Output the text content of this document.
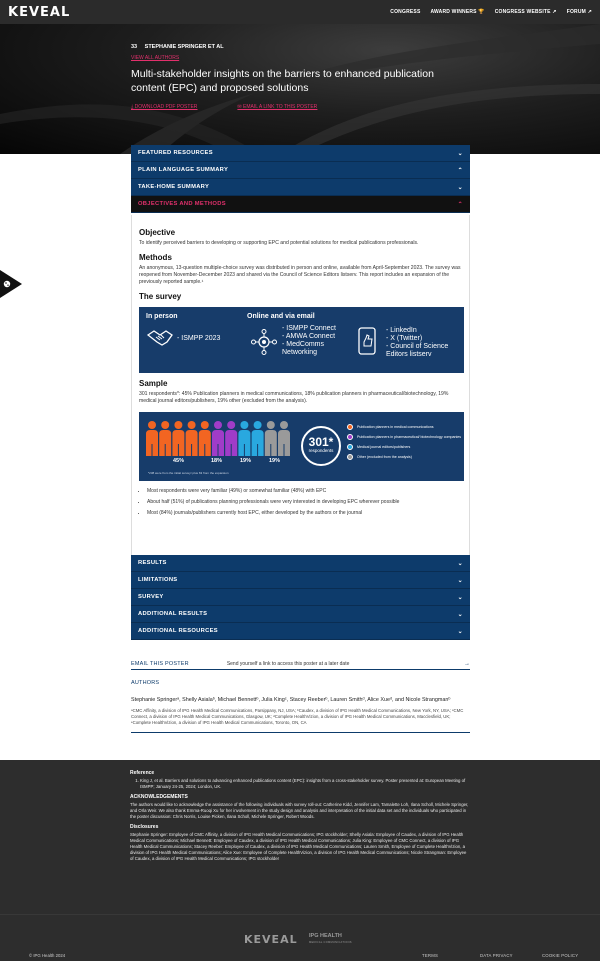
KEVEAL	CONGRESS AWARD WINNERS 🏆 CONGRESS WEBSITE ↗ FORUM ↗
33 STEPHANIE SPRINGER ET AL
VIEW ALL AUTHORS
Multi-stakeholder insights on the barriers to enhanced publication content (EPC) and proposed solutions
⤓ DOWNLOAD PDF POSTER	✉ EMAIL A LINK TO THIS POSTER
FEATURED RESOURCES	⌄
PLAIN LANGUAGE SUMMARY	⌃
TAKE-HOME SUMMARY	⌄
OBJECTIVES AND METHODS	⌃
Objective

To identify perceived barriers to developing or supporting EPC and potential solutions for medical publications professionals.

Methods

An anonymous, 13-question multiple-choice survey was distributed in person and online, available from April-September 2023. The survey was reopened from November-December 2023 and shared via the Council of Science Editors listserv. This report includes an expansion of the previously reported sample.¹

The survey
In person
- ISMPP 2023
Online and via email
- ISMPP Connect
- AMWA Connect
- MedComms
Networking
- LinkedIn
- X (Twitter)
- Council of Science
Editors listserv
Sample

301 respondents*: 45% Publication planners in medical communications, 18% publication planners in pharmaceutical/biotechnology, 19% medical journal editors/publishers, 19% other (excluded from the analysis).

45%	18%	19%	19%
*238 were from the initial survey¹ plus 63 from the expansion
301*
respondents
Publication planners in medical communications
Publication planners in pharmaceutical/ biotechnology companies
Medical journal editors/publishers
Other (excluded from the analysis)
• Most respondents were very familiar (49%) or somewhat familiar (48%) with EPC
• About half (51%) of publications planning professionals were very interested in developing EPC wherever possible
• Most (84%) journals/publishers currently host EPC, either developed by the authors or the journal
RESULTS	⌄
LIMITATIONS	⌄
SURVEY	⌄
ADDITIONAL RESULTS	⌄
ADDITIONAL RESOURCES	⌄
EMAIL THIS POSTER	Send yourself a link to access this poster at a later date	→
AUTHORS
Stephanie Springerᵃ, Shelly Asialaᵇ, Michael Bennettᵇ, Julia Kingᶜ, Stacey Reeberᵇ, Lauren Smithᵈ, Alice Xueᵈ, and Nicole Strangmanᵇ
ᵃCMC Affinity, a division of IPG Health Medical Communications, Parsippany, NJ, USA; ᵇCaudex, a division of IPG Health Medical Communications, New York, NY, USA; ᶜCMC Connect, a division of IPG Health Medical Communications, Glasgow, UK; ᵈComplete HealthVizion, a division of IPG Health Medical Communications, Macclesfield, UK; ᵉComplete HealthVizion, a division of IPG Health Medical Communications, Toronto, ON, CA
Reference
1. King J, et al. Barriers and solutions to advancing enhanced publications content (EPC): insights from a cross-stakeholder survey. Poster presented at: European Meeting of ISMPP; January 24-25, 2024; London, UK.
ACKNOWLEDGEMENTS
The authors would like to acknowledge the assistance of the following individuals with survey roll-out: Catherine Kidd, Jennifer Lam, Tamalette Loh, Ilana Scholl, Michele Springer, and Orla Weir. We also thank Emma-Ruoqi Xu for her involvement in the study design and analysis and interpretation of the initial data set and the individuals who participated in the poster discussion: Chris Norris, Louise Picken, Ilana Scholl, Michele Springer, Robert Woods.
Disclosures
Stephanie Springer: Employee of CMC Affinity, a division of IPG Health Medical Communications; IPG stockholder; Shelly Asiala: Employee of Caudex, a division of IPG Health Medical Communications; Michael Bennett: Employee of Caudex, a division of IPG Health Medical Communications; Julia King: Employee of CMC Connect, a division of IPG Health Medical Communications; Stacey Reeber: Employee of Caudex, a division of IPG Health Medical Communications; Lauren Smith, Employee of Complete HealthVizion, a division of IPG Health Medical Communications; Alice Xue: Employee of Complete HealthVizion, a division of IPG Health Medical Communications; Nicole Strangman: Employee of Caudex, a division of IPG Health Medical Communications; IPG stockholder
KEVEAL IPG HEALTH
MEDICAL COMMUNICATIONS
© IPG Health 2024	TERMS	DATA PRIVACY	COOKIE POLICY
